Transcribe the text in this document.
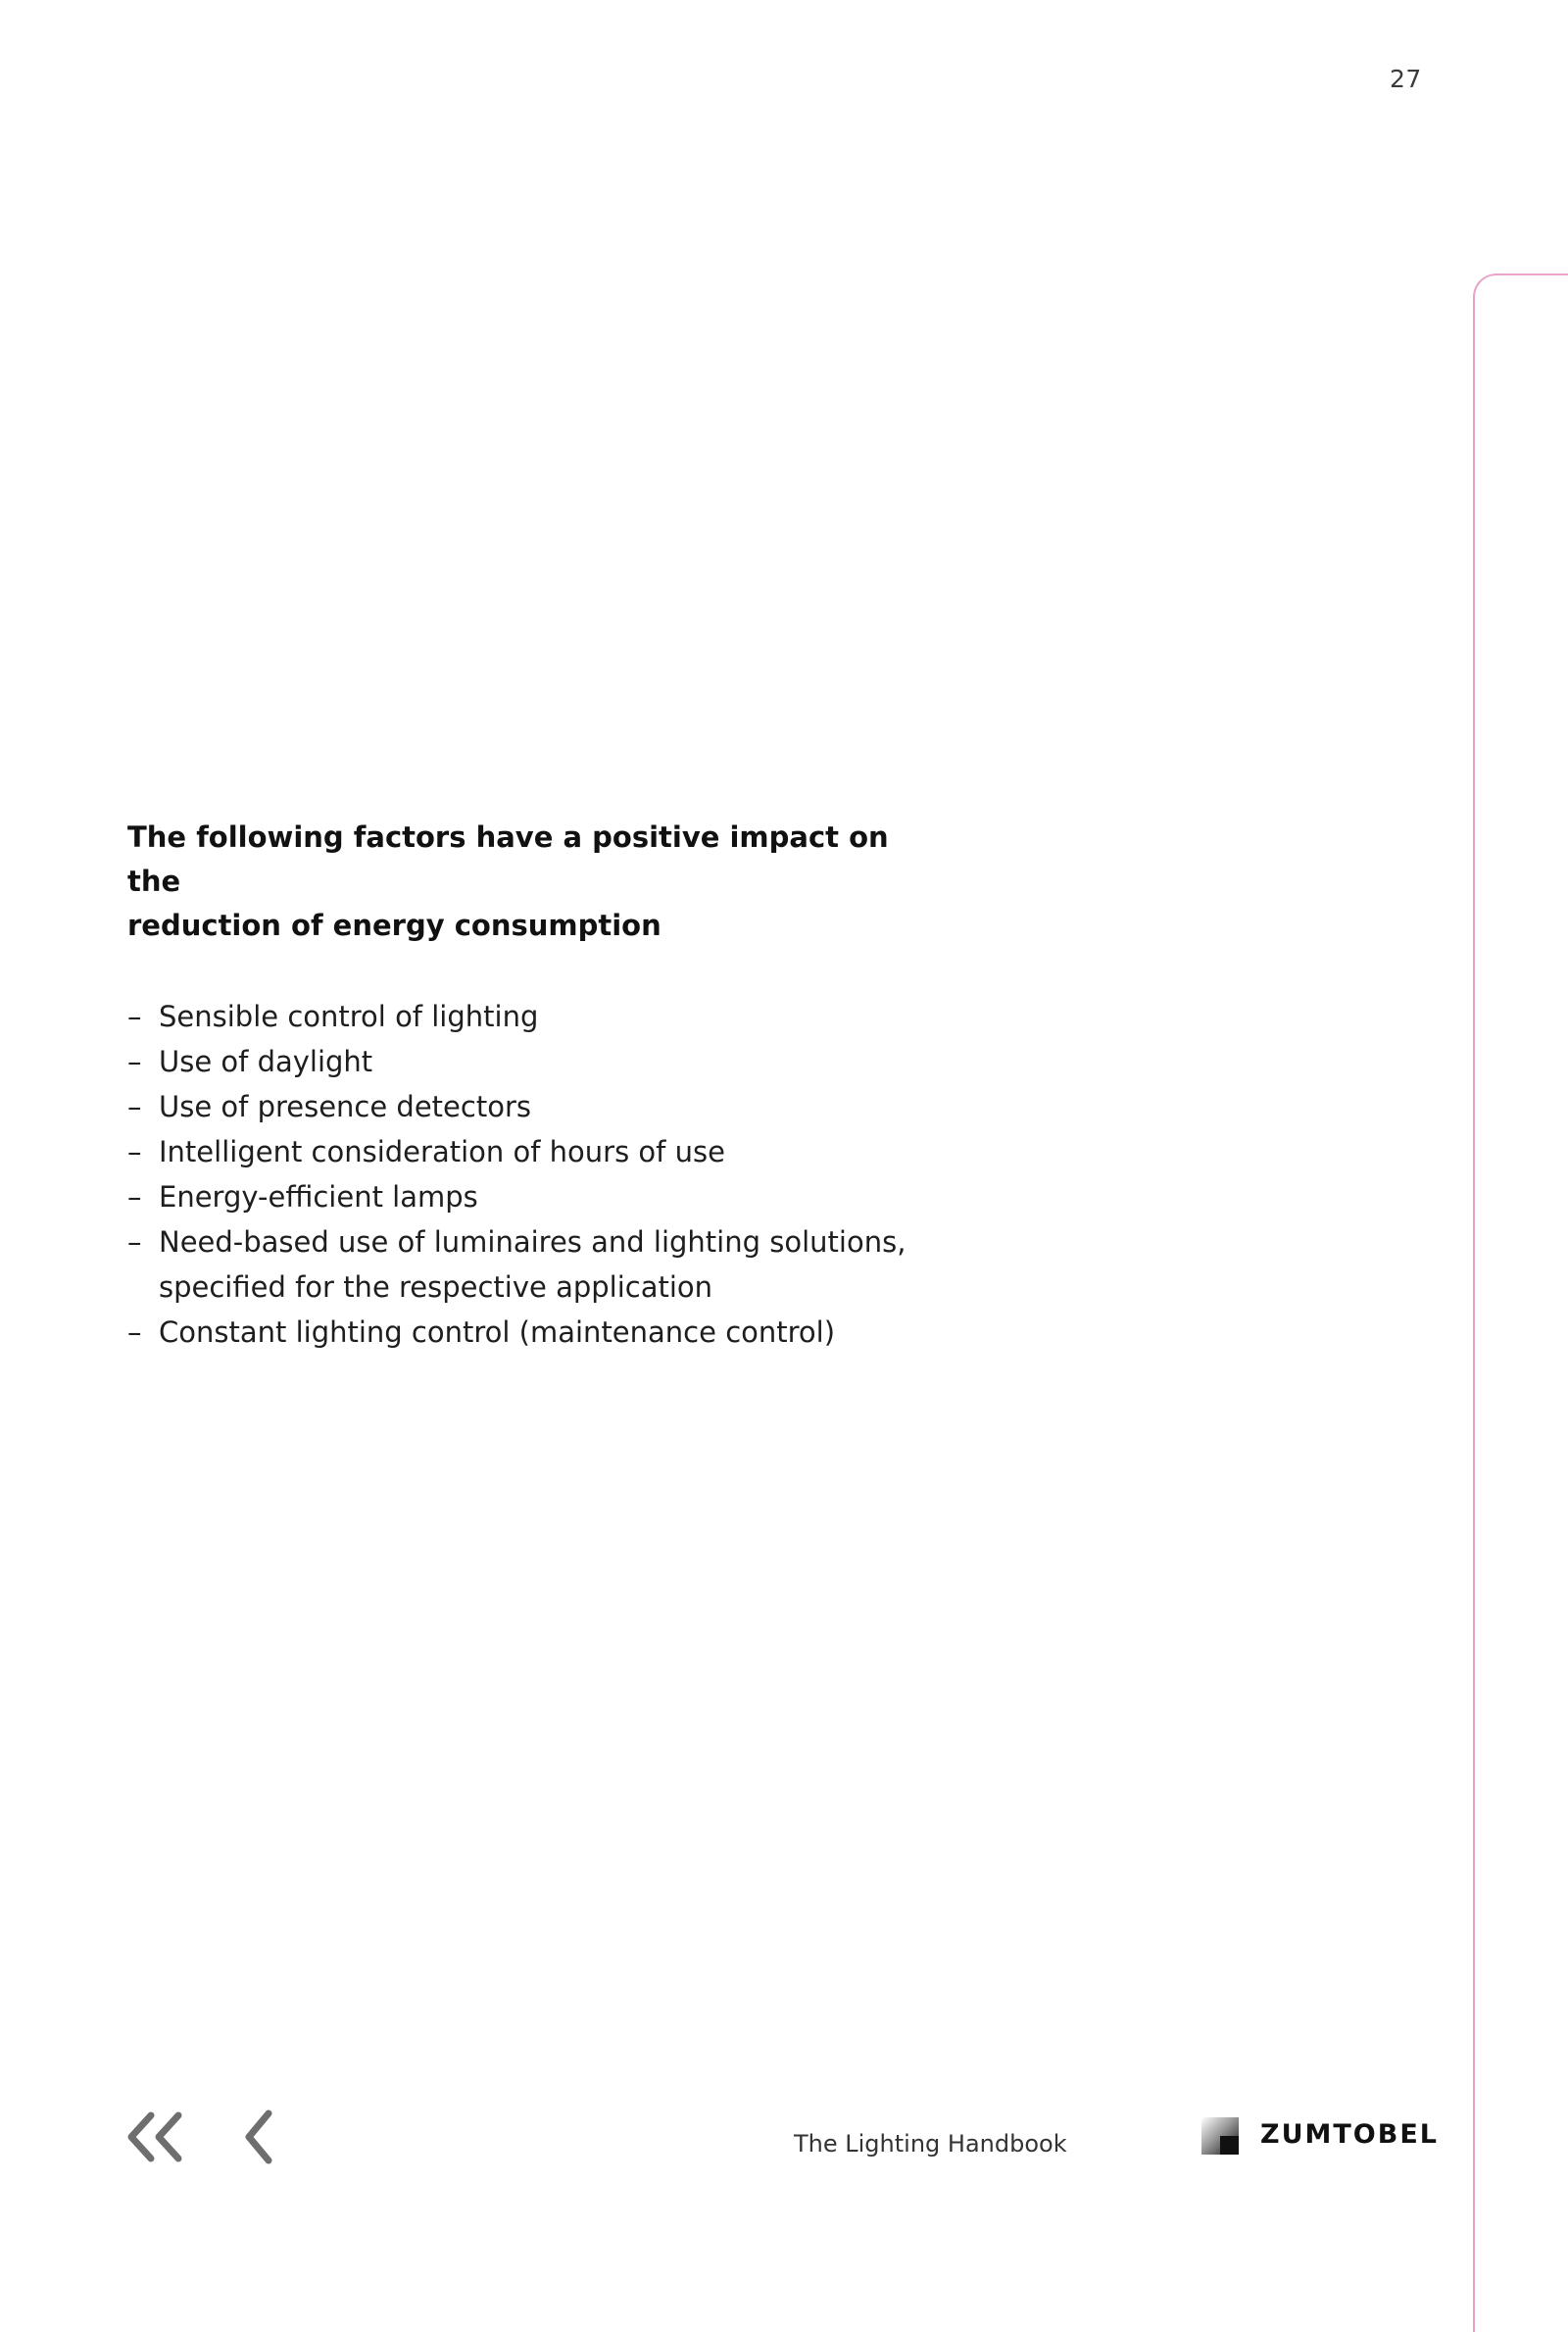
27
The following factors have a positive impact on the
reduction of energy consumption
– Sensible control of lighting
– Use of daylight
– Use of presence detectors
– Intelligent consideration of hours of use
– Energy-efficient lamps
– Need-based use of luminaires and lighting solutions,
specified for the respective application
– Constant lighting control (maintenance control)
The Lighting Handbook	ZUMTOBEL
